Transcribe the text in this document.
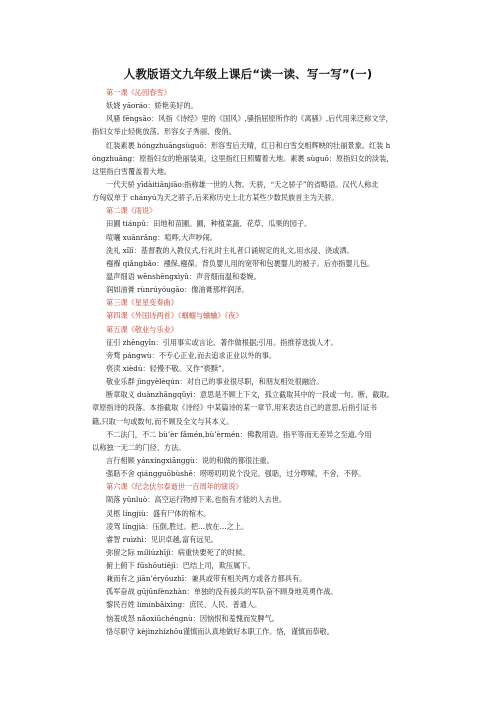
人教版语文九年级上课后“读一读、写一写”(一)
第一课《沁园春雪》
妖娆 yāoráo：娇艳美好的。
风骚 fēngsāo：风指《诗经》里的《国风》,骚指屈原所作的《离骚》,后代用来泛称文学，
指妇女举止轻佻放荡。形容女子秀丽、俊俏。
红装素裹 hóngzhuāngsùguǒ：形容雪后天晴，红日和白雪交相辉映的壮丽景象。红装 h
óngzhuāng：原指妇女的艳丽装束，这里指红日照耀着大地。素裹 sùguǒ：原指妇女的淡装，
这里指白雪覆盖着大地。
一代天骄 yīdàitiānjiāo:指称雄一世的人物。天骄，“天之骄子”的省略语。汉代人称北
方匈奴单于 chányú为天之骄子,后来称历史上北方某些少数民族首主为天骄。
第二课《雨说》
田圃 tiánpǔ：田地和苗圃。圃，种植菜蔬、花草、瓜果的园子。
喧嚷 xuānrǎng：喧哗,大声吵闹。
洗礼 xǐlǐ：基督教的入教仪式,行礼时主礼者口诵规定的礼文,用水浸、浇或洒。
襁褓 qiǎngbǎo：襁保,襁葆。背负婴儿用的宽带和包裹婴儿的被子。后亦指婴儿包。
温声细语 wēnshēngxìyǔ：声音细而温和委婉。
润如油膏 rùnrúyóugāo：像油膏那样润泽。
第三课《星星变奏曲》
第四课《外国诗两首》《蝈蝈与蛐蛐》《夜》
第五课《敬业与乐业》
征引 zhēngyǐn：引用事实或言论、著作做根据;引用。指推荐选拔人才。
旁骛 pángwù：不专心正业,而去追求正业以外的事。
亵渎 xièdú：轻慢不敬。又作“亵黩”。
敬业乐群 jìngyèlèqún：对自己的事业很尽职，和朋友相处很融洽。
断章取义 duànzhāngqǔyì：意思是不顾上下文，孤立截取其中的一段或一句。断，截取。
章原指诗的段落。本指截取《诗经》中某篇诗的某一章节,用来表达自己的意思,后指引证书
籍,只取一句或数句,而不顾及全文与其本义。
不二法门，不二 bù’èr fǎmén,bù’èrmén：佛教用语。指平等而无差异之至道,今用
以称独一无二的门径、方法。
言行相顾 yánxíngxiānggù：说的和做的都很注重。
强聒不舍 qiángguōbùshě：唠唠叨叨说个没完。强聒，过分啰嗦，不舍，不停。
第六课《纪念伏尔泰逝世一百周年的演说》
陨落 yǔnluò：高空运行物掉下来,也指有才能的人去世。
灵柩 língjiù：盛有尸体的棺木。
凌驾 língjià：压倒,胜过。把…放在…之上。
睿智 ruìzhì：见识卓越,富有远见。
弥留之际 míliúzhījì：病重快要死了的时候。
俯上俯下 fǔshǒutiējǐ：巴结上司，欺压属下。
兼而有之 jiān’éryǒuzhī：兼具或带有相关两方或各方都具有。
孤军奋战 gūjūnfènzhàn：单独的没有援兵的军队奋不顾身地英勇作战。
黎民百姓 límínbǎixìng：庶民、人民、普通人。
恼羞成怒 nǎoxiūchéngnù：因恼恨和羞愧而发脾气。
恪尽职守 kèjìnzhízhǒu谨慎而认真地做好本职工作。恪，谨慎而恭敬。
